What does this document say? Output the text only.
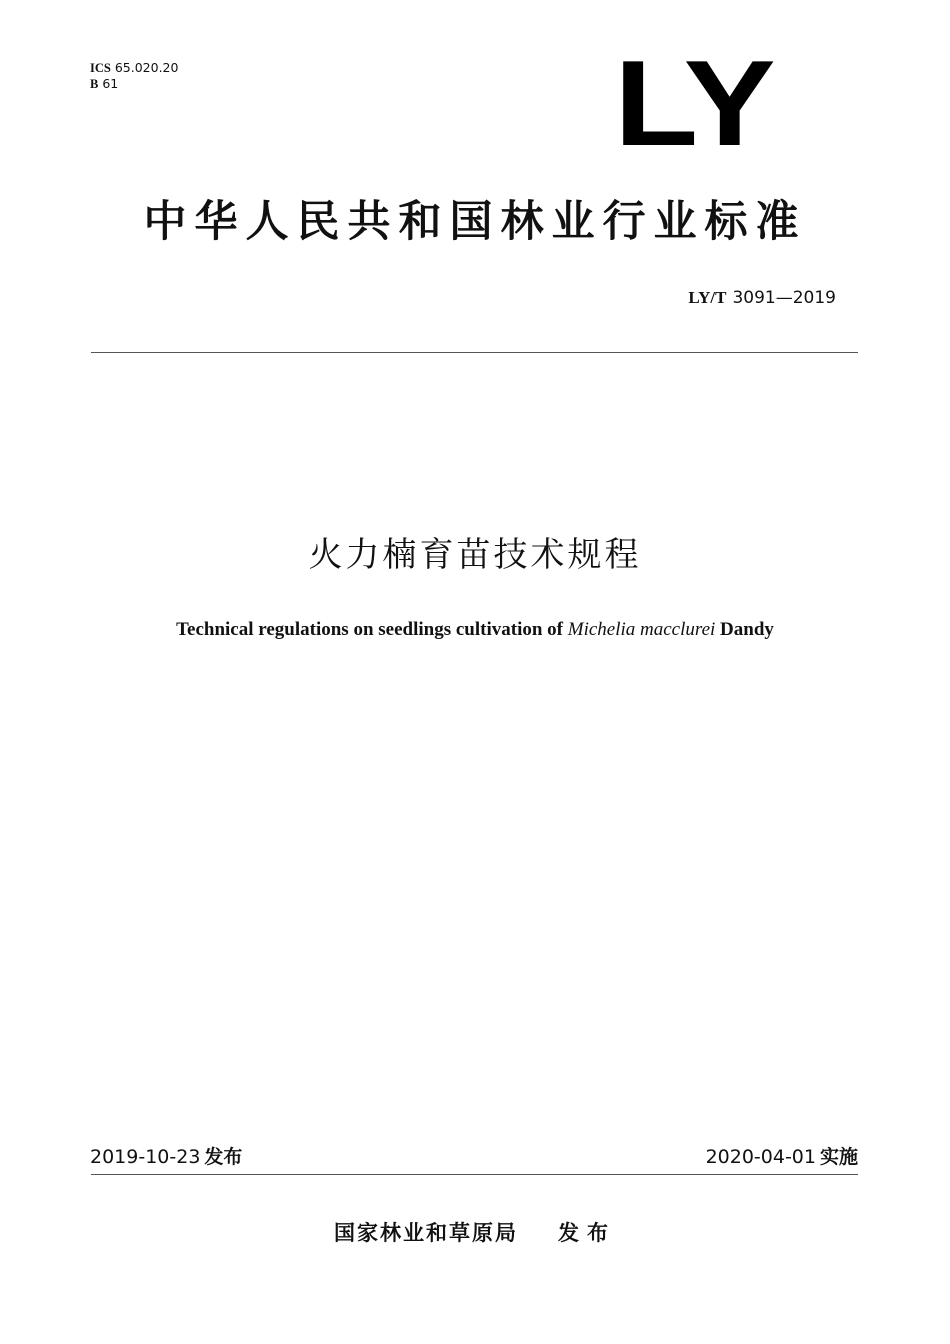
ICS 65.020.20
B 61	LY
中华人民共和国林业行业标准
LY/T 3091—2019
火力楠育苗技术规程
Technical regulations on seedlings cultivation of Michelia macclurei Dandy
2019-10-23 发布	2020-04-01 实施
国家林业和草原局 发布
